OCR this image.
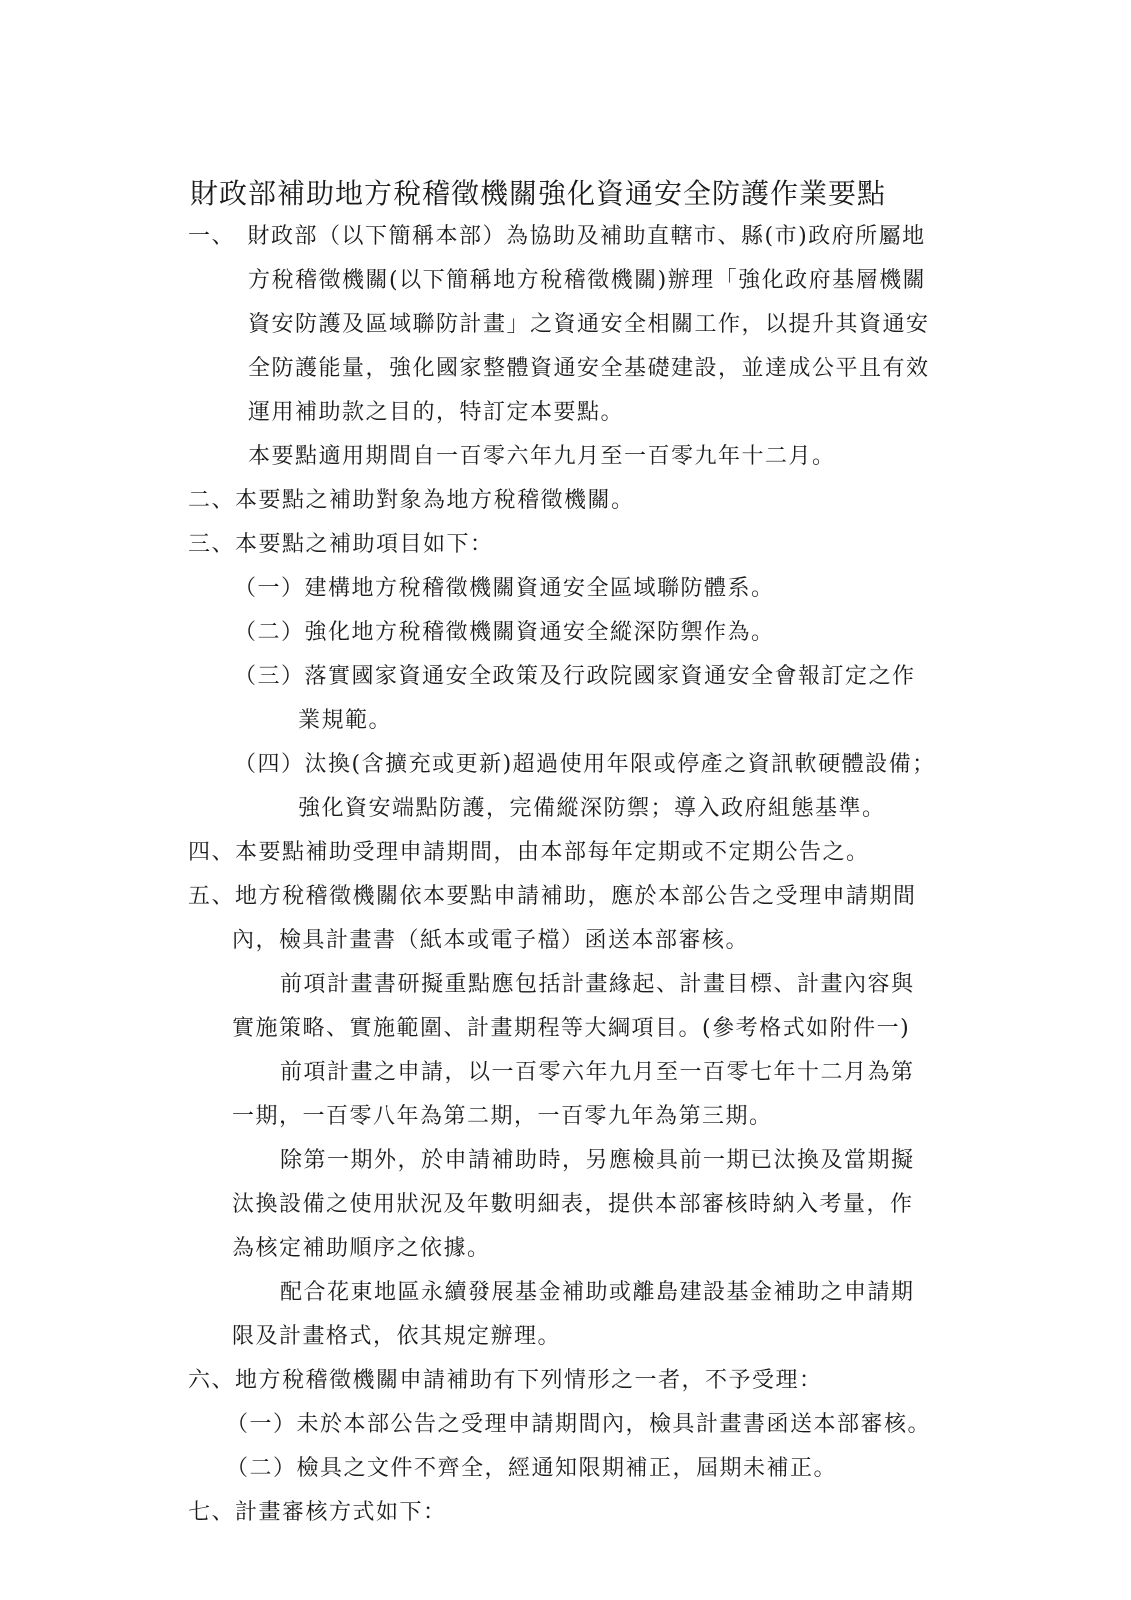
財政部補助地方稅稽徵機關強化資通安全防護作業要點
一、　財政部（以下簡稱本部）為協助及補助直轄市、縣(市)政府所屬地
方稅稽徵機關(以下簡稱地方稅稽徵機關)辦理「強化政府基層機關
資安防護及區域聯防計畫」之資通安全相關工作，以提升其資通安
全防護能量，強化國家整體資通安全基礎建設，並達成公平且有效
運用補助款之目的，特訂定本要點。
本要點適用期間自一百零六年九月至一百零九年十二月。
二、本要點之補助對象為地方稅稽徵機關。
三、本要點之補助項目如下：
（一）建構地方稅稽徵機關資通安全區域聯防體系。
（二）強化地方稅稽徵機關資通安全縱深防禦作為。
（三）落實國家資通安全政策及行政院國家資通安全會報訂定之作
業規範。
（四）汰換(含擴充或更新)超過使用年限或停產之資訊軟硬體設備；
強化資安端點防護，完備縱深防禦；導入政府組態基準。
四、本要點補助受理申請期間，由本部每年定期或不定期公告之。
五、地方稅稽徵機關依本要點申請補助，應於本部公告之受理申請期間
內，檢具計畫書（紙本或電子檔）函送本部審核。
前項計畫書研擬重點應包括計畫緣起、計畫目標、計畫內容與
實施策略、實施範圍、計畫期程等大綱項目。(參考格式如附件一)
前項計畫之申請，以一百零六年九月至一百零七年十二月為第
一期，一百零八年為第二期，一百零九年為第三期。
除第一期外，於申請補助時，另應檢具前一期已汰換及當期擬
汰換設備之使用狀況及年數明細表，提供本部審核時納入考量，作
為核定補助順序之依據。
配合花東地區永續發展基金補助或離島建設基金補助之申請期
限及計畫格式，依其規定辦理。
六、地方稅稽徵機關申請補助有下列情形之一者，不予受理：
（一）未於本部公告之受理申請期間內，檢具計畫書函送本部審核。
（二）檢具之文件不齊全，經通知限期補正，屆期未補正。
七、計畫審核方式如下：
